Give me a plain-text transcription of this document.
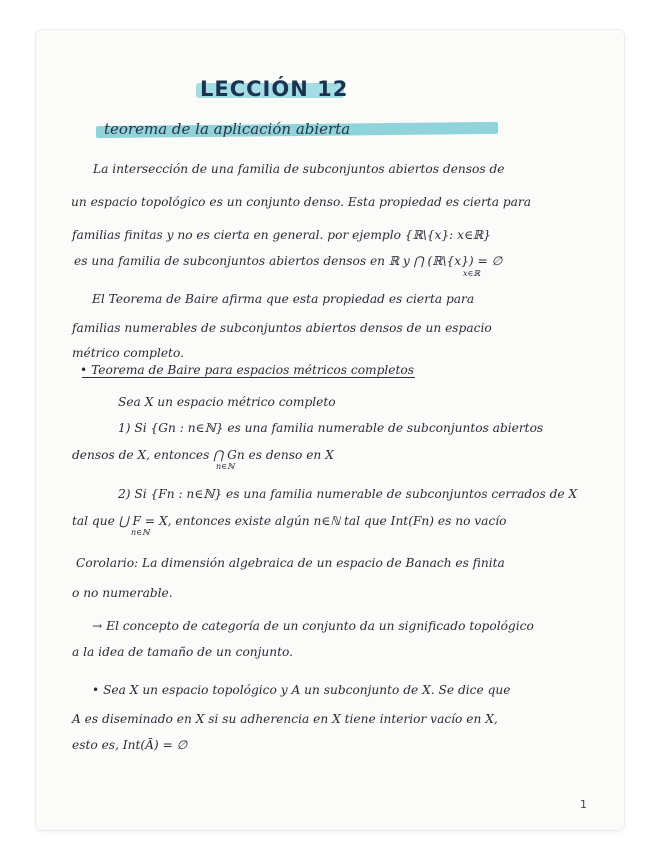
LECCIÓN 12
teorema de la aplicación abierta
La intersección de una familia de subconjuntos abiertos densos de
un espacio topológico es un conjunto denso. Esta propiedad es cierta para
familias finitas y no es cierta en general. por ejemplo {ℝ\{x}: x∈ℝ}
es una familia de subconjuntos abiertos densos en ℝ y ⋂ (ℝ\{x}) = ∅
x∈ℝ
El Teorema de Baire afirma que esta propiedad es cierta para
familias numerables de subconjuntos abiertos densos de un espacio
métrico completo.
• Teorema de Baire para espacios métricos completos
Sea X un espacio métrico completo
1) Si {Gn : n∈ℕ} es una familia numerable de subconjuntos abiertos
densos de X, entonces ⋂ Gn es denso en X
n∈ℕ
2) Si {Fn : n∈ℕ} es una familia numerable de subconjuntos cerrados de X
tal que ⋃ F = X, entonces existe algún n∈ℕ tal que Int(Fn) es no vacío
n∈ℕ
Corolario: La dimensión algebraica de un espacio de Banach es finita
o no numerable.
→ El concepto de categoría de un conjunto da un significado topológico
a la idea de tamaño de un conjunto.
• Sea X un espacio topológico y A un subconjunto de X. Se dice que
A es diseminado en X si su adherencia en X tiene interior vacío en X,
esto es, Int(Ā) = ∅
1
